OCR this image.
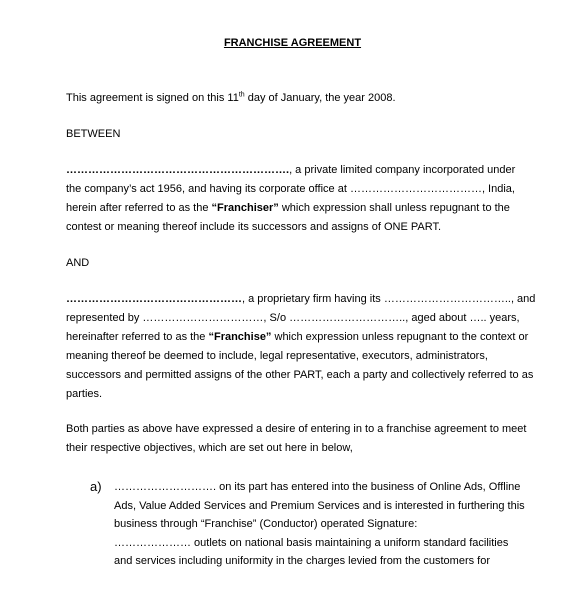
FRANCHISE AGREEMENT
This agreement is signed on this 11th day of January, the year 2008.
BETWEEN
……………………………………………………., a private limited company incorporated under
the company’s act 1956, and having its corporate office at ………………………………, India,
herein after referred to as the “Franchiser” which expression shall unless repugnant to the
contest or meaning thereof include its successors and assigns of ONE PART.
AND
…………………………………………, a proprietary firm having its …………………………….., and
represented by ……………………………, S/o ………………………….., aged about ….. years,
hereinafter referred to as the “Franchise” which expression unless repugnant to the context or
meaning thereof be deemed to include, legal representative, executors, administrators,
successors and permitted assigns of the other PART, each a party and collectively referred to as
parties.
Both parties as above have expressed a desire of entering in to a franchise agreement to meet
their respective objectives, which are set out here in below,
a) ………………………. on its part has entered into the business of Online Ads, Offline
Ads, Value Added Services and Premium Services and is interested in furthering this
business through “Franchise” (Conductor) operated Signature:
………………… outlets on national basis maintaining a uniform standard facilities
and services including uniformity in the charges levied from the customers for
